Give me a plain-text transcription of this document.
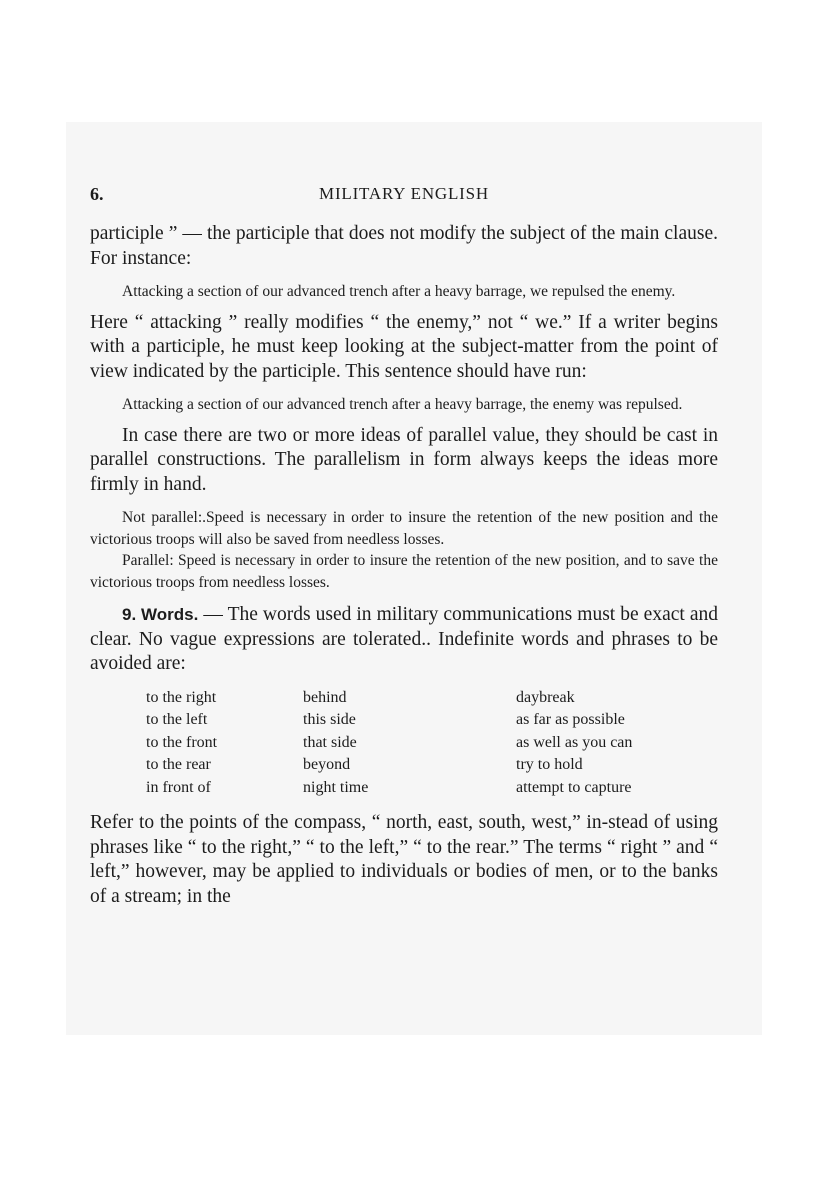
6.	MILITARY ENGLISH

participle ” — the participle that does not modify the subject of the main clause. For instance:

Attacking a section of our advanced trench after a heavy barrage, we repulsed the enemy.

Here “ attacking ” really modifies “ the enemy,” not “ we.” If a writer begins with a participle, he must keep looking at the subject-matter from the point of view indicated by the participle. This sentence should have run:

Attacking a section of our advanced trench after a heavy barrage, the enemy was repulsed.

In case there are two or more ideas of parallel value, they should be cast in parallel constructions. The parallelism in form always keeps the ideas more firmly in hand.

Not parallel:.Speed is necessary in order to insure the retention of the new position and the victorious troops will also be saved from needless losses.

Parallel: Speed is necessary in order to insure the retention of the new position, and to save the victorious troops from needless losses.

9. Words. — The words used in military communications must be exact and clear. No vague expressions are tolerated.. Indefinite words and phrases to be avoided are:

to the right	behind	daybreak
to the left	this side	as far as possible
to the front	that side	as well as you can
to the rear	beyond	try to hold
in front of	night time	attempt to capture

Refer to the points of the compass, “ north, east, south, west,” in-stead of using phrases like “ to the right,” “ to the left,” “ to the rear.” The terms “ right ” and “ left,” however, may be applied to individuals or bodies of men, or to the banks of a stream; in the
